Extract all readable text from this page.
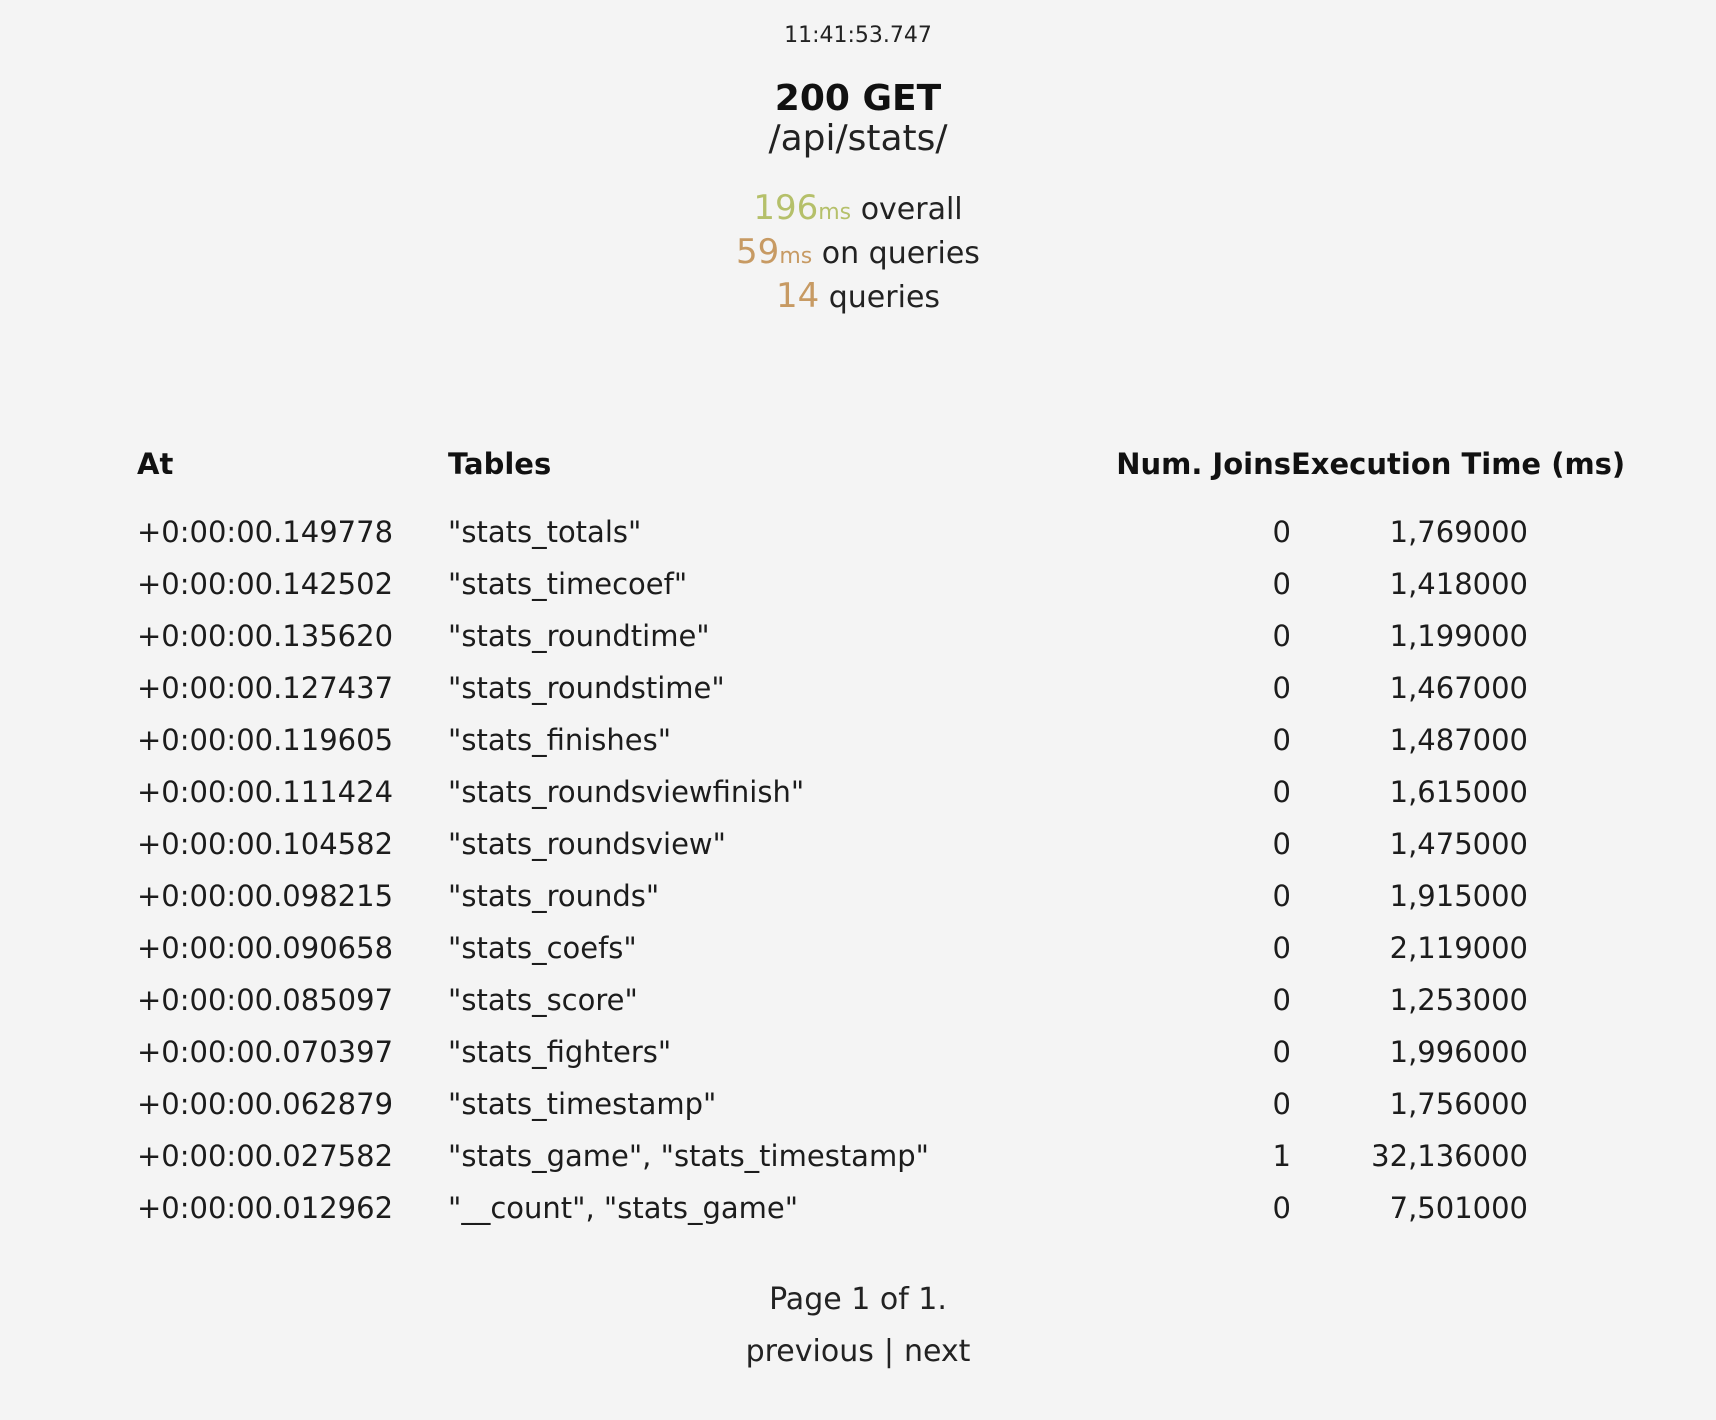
11:41:53.747
200 GET
/api/stats/
196ms overall
59ms on queries
14 queries
At	Tables	Num. Joins	Execution Time (ms)
+0:00:00.149778	"stats_totals"	0	1,769000
+0:00:00.142502	"stats_timecoef"	0	1,418000
+0:00:00.135620	"stats_roundtime"	0	1,199000
+0:00:00.127437	"stats_roundstime"	0	1,467000
+0:00:00.119605	"stats_finishes"	0	1,487000
+0:00:00.111424	"stats_roundsviewfinish"	0	1,615000
+0:00:00.104582	"stats_roundsview"	0	1,475000
+0:00:00.098215	"stats_rounds"	0	1,915000
+0:00:00.090658	"stats_coefs"	0	2,119000
+0:00:00.085097	"stats_score"	0	1,253000
+0:00:00.070397	"stats_fighters"	0	1,996000
+0:00:00.062879	"stats_timestamp"	0	1,756000
+0:00:00.027582	"stats_game", "stats_timestamp"	1	32,136000
+0:00:00.012962	"__count", "stats_game"	0	7,501000
Page 1 of 1.
previous | next
